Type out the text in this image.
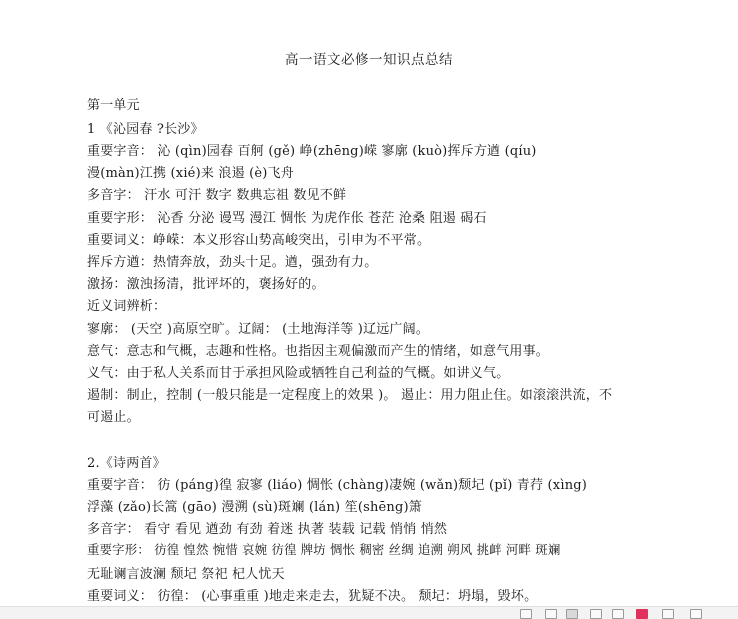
高一语文必修一知识点总结
第一单元
1 《沁园春 ?长沙》
重要字音： 沁 (qìn)园春 百舸 (gě) 峥(zhēng)嵘 寥廓 (kuò)挥斥方遒 (qíu)
漫(màn)江携 (xié)来 浪遏 (è)飞舟
多音字： 汗水 可汗 数字 数典忘祖 数见不鲜
重要字形： 沁香 分泌 谩骂 漫江 惆怅 为虎作伥 苍茫 沧桑 阻遏 碣石
重要词义：峥嵘：本义形容山势高峻突出，引申为不平常。
挥斥方遒：热情奔放，劲头十足。遒，强劲有力。
激扬：激浊扬清，批评坏的，褒扬好的。
近义词辨析：
寥廓： (天空 )高原空旷。辽阔： (土地海洋等 )辽远广阔。
意气：意志和气概，志趣和性格。也指因主观偏激而产生的情绪，如意气用事。
义气：由于私人关系而甘于承担风险或牺牲自己利益的气概。如讲义气。
遏制：制止，控制 (一般只能是一定程度上的效果 )。 遏止：用力阻止住。如滚滚洪流，不
可遏止。
2.《诗两首》
重要字音： 彷 (páng)徨 寂寥 (liáo) 惆怅 (chàng)凄婉 (wǎn)颓圮 (pǐ) 青荇 (xìng)
浮藻 (zǎo)长篙 (gāo) 漫溯 (sù)斑斓 (lán) 笙(shēng)箫
多音字： 看守 看见 遒劲 有劲 着迷 执著 装载 记载 悄悄 悄然
重要字形： 彷徨 惶然 惋惜 哀婉 彷徨 牌坊 惆怅 稠密 丝绸 追溯 朔风 挑衅 河畔 斑斓
无耻谰言波澜 颓圮 祭祀 杞人忧天
重要词义： 彷徨： (心事重重 )地走来走去，犹疑不决。 颓圮：坍塌，毁坏。
